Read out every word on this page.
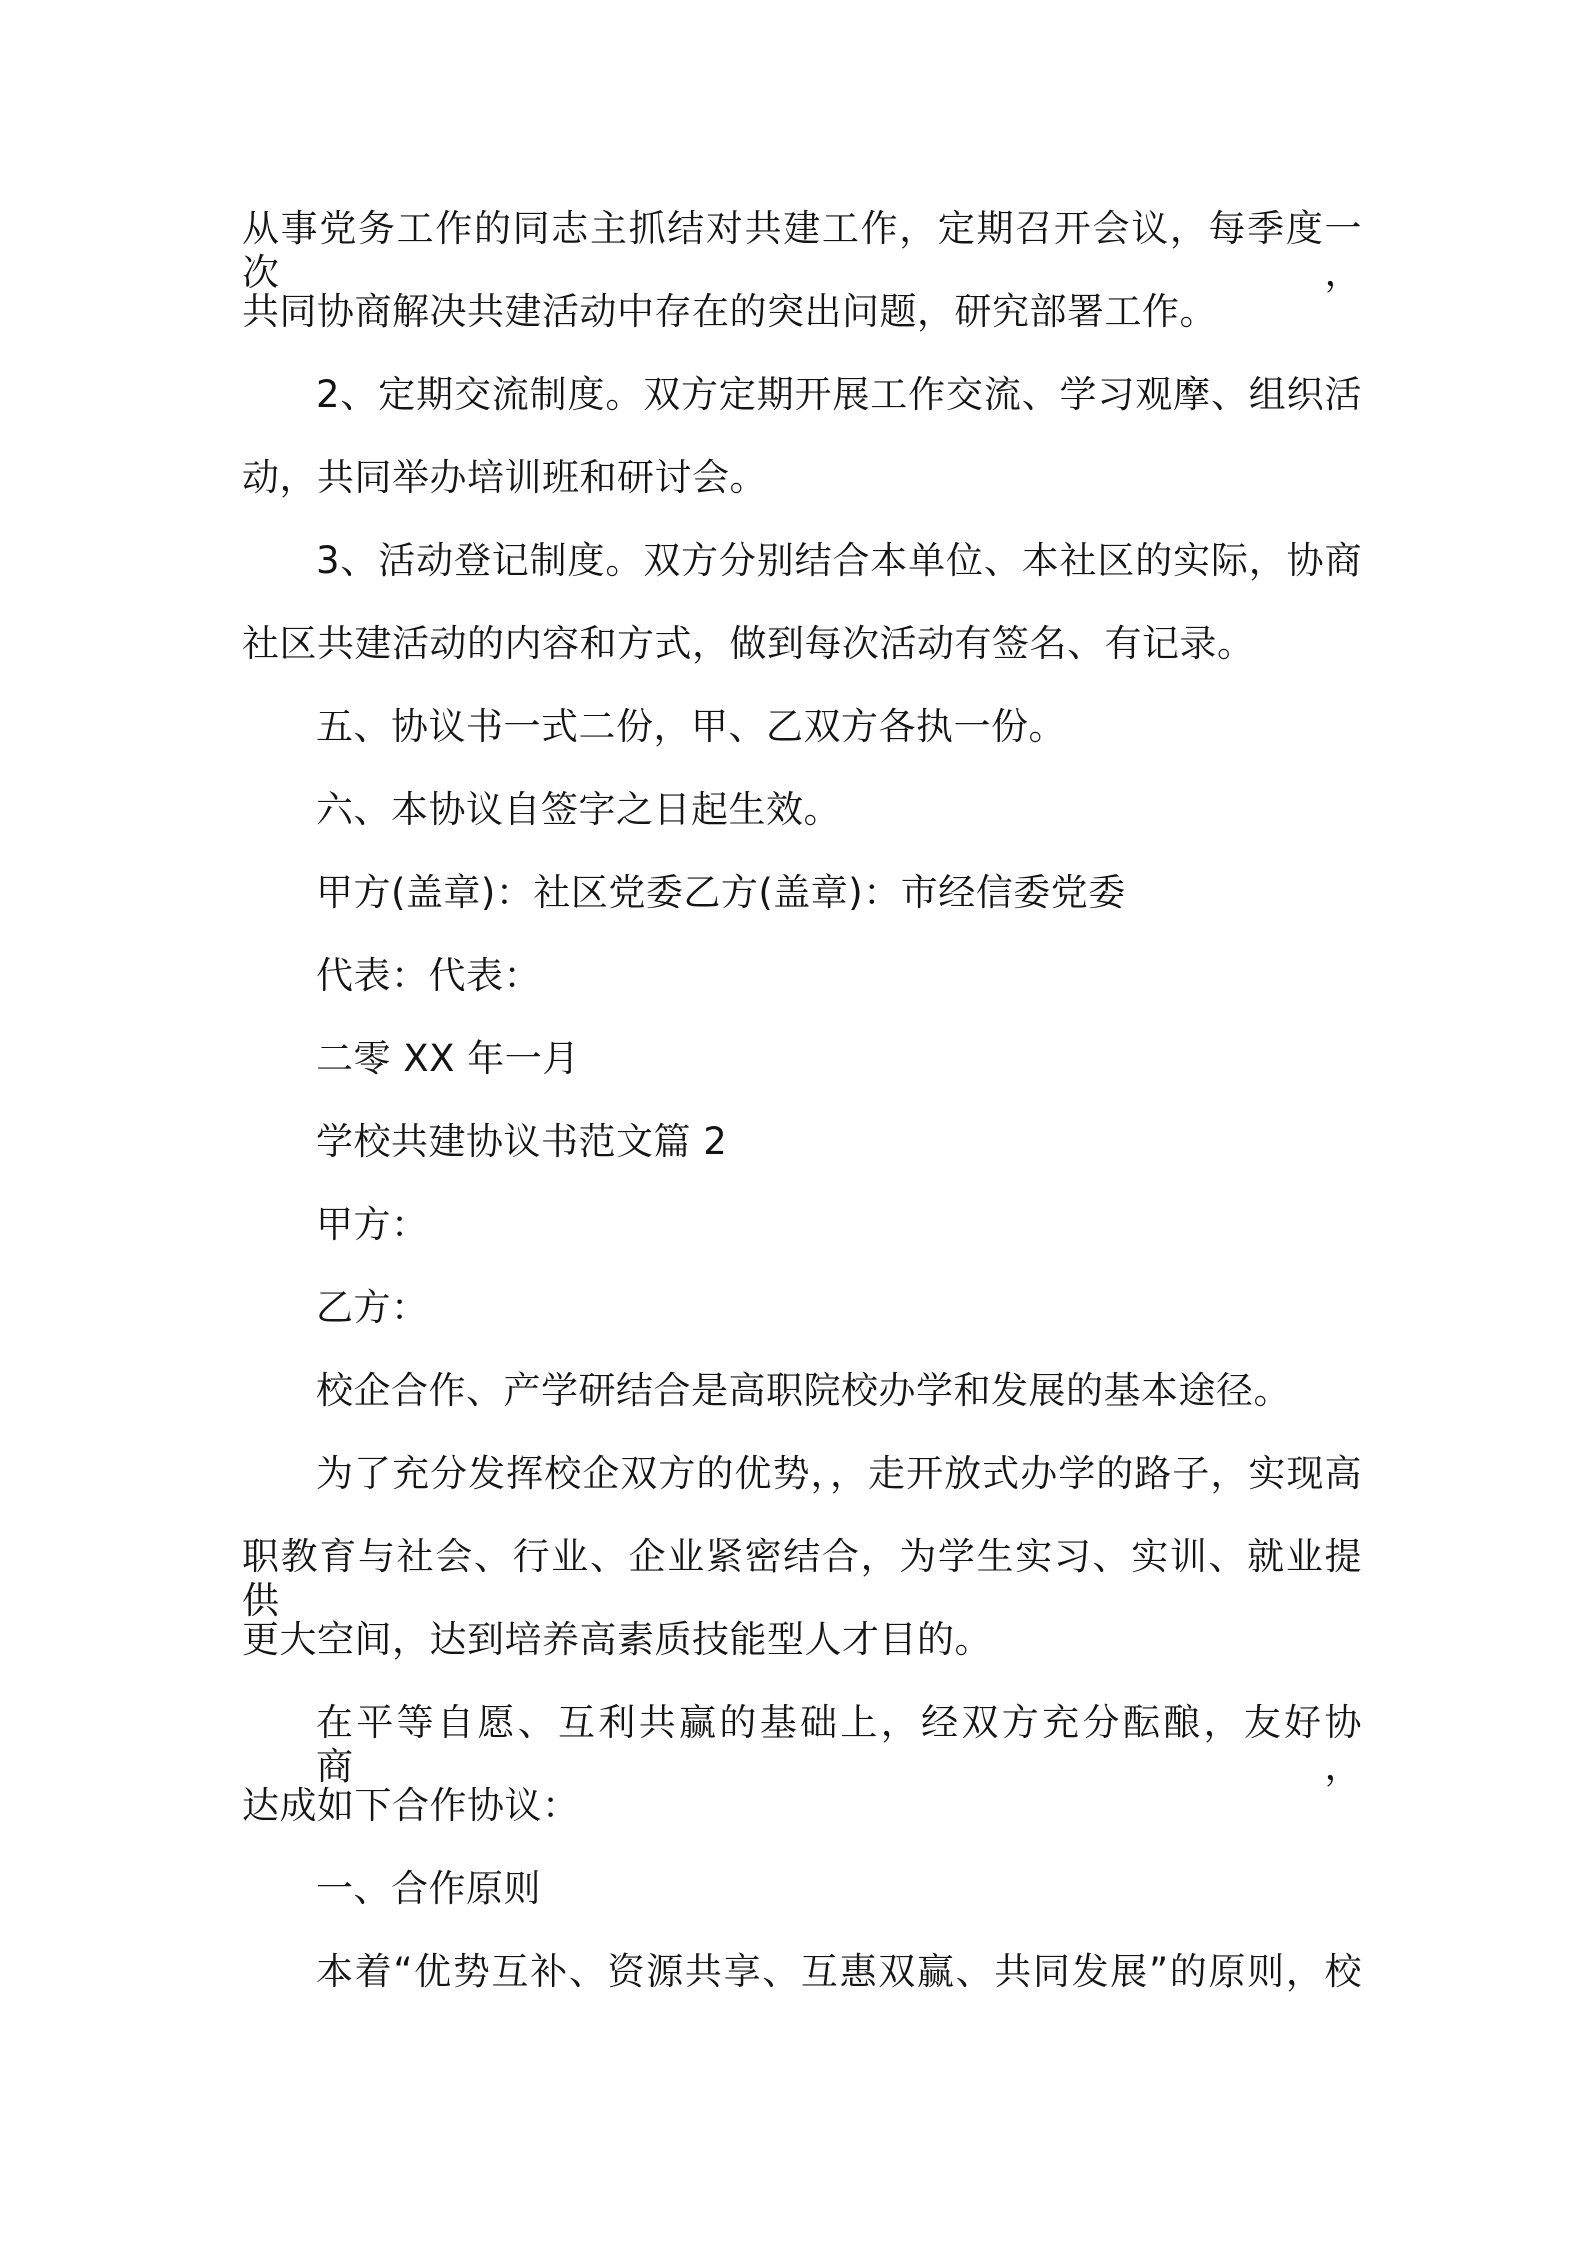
从事党务工作的同志主抓结对共建工作，定期召开会议，每季度一次，
共同协商解决共建活动中存在的突出问题，研究部署工作。
2、定期交流制度。双方定期开展工作交流、学习观摩、组织活
动，共同举办培训班和研讨会。
3、活动登记制度。双方分别结合本单位、本社区的实际，协商
社区共建活动的内容和方式，做到每次活动有签名、有记录。
五、协议书一式二份，甲、乙双方各执一份。
六、本协议自签字之日起生效。
甲方(盖章)：社区党委乙方(盖章)：市经信委党委
代表：代表：
二零 XX 年一月
学校共建协议书范文篇 2
甲方：
乙方：
校企合作、产学研结合是高职院校办学和发展的基本途径。
为了充分发挥校企双方的优势，，走开放式办学的路子，实现高
职教育与社会、行业、企业紧密结合，为学生实习、实训、就业提供
更大空间，达到培养高素质技能型人才目的。
在平等自愿、互利共赢的基础上，经双方充分酝酿，友好协商，
达成如下合作协议：
一、合作原则
本着“优势互补、资源共享、互惠双赢、共同发展”的原则，校
